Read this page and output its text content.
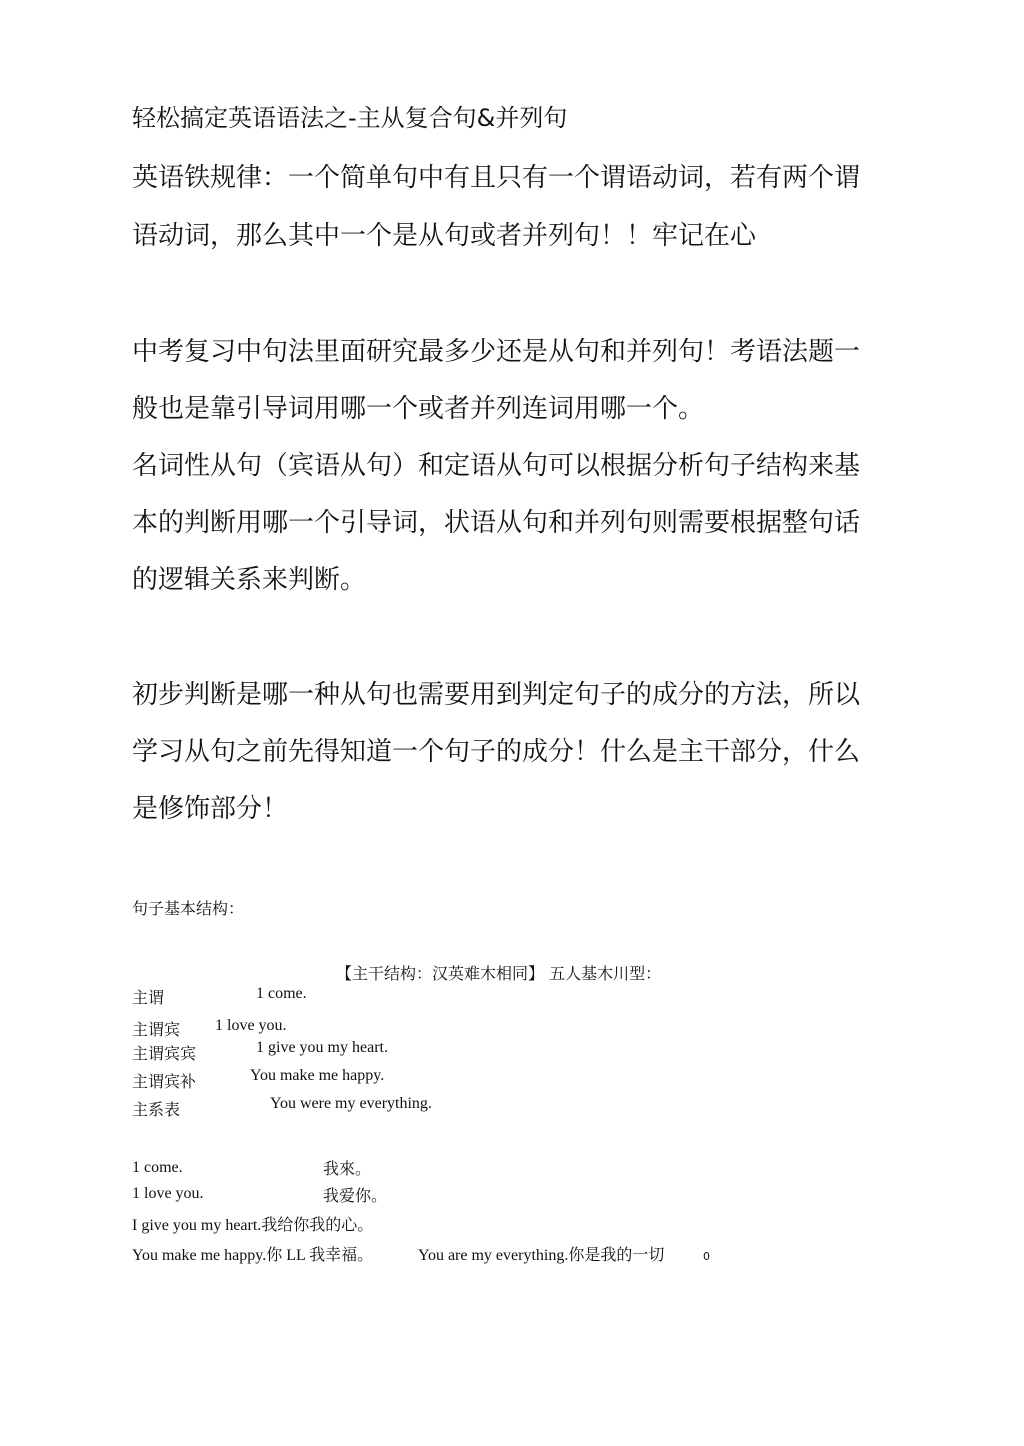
轻松搞定英语语法之-主从复合句&并列句
英语铁规律：一个简单句中有且只有一个谓语动词，若有两个谓
语动词，那么其中一个是从句或者并列句！！牢记在心
中考复习中句法里面研究最多少还是从句和并列句！考语法题一
般也是靠引导词用哪一个或者并列连词用哪一个。
名词性从句（宾语从句）和定语从句可以根据分析句子结构来基
本的判断用哪一个引导词，状语从句和并列句则需要根据整句话
的逻辑关系来判断。
初步判断是哪一种从句也需要用到判定句子的成分的方法，所以
学习从句之前先得知道一个句子的成分！什么是主干部分，什么
是修饰部分！
句子基本结构：
【主干结构：汉英难木相同】 五人基木川型：
主谓	1 come.
主谓宾 1 love you.
主谓宾宾	1 give you my heart.
主谓宾补	You make me happy.
主系表	You were my everything.
1 come.	我來。
1 love you.	我爱你。
I give you my heart.我给你我的心。
You make me happy.你 LL 我幸福。	You are my everything.你是我的一切	0
